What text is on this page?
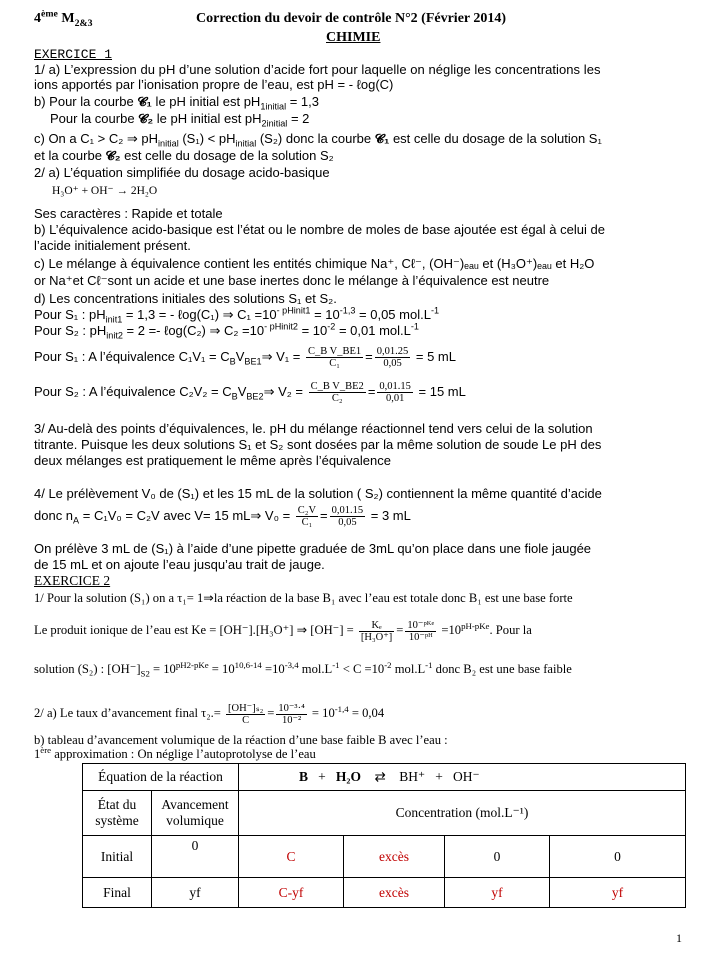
4ème $M_{2\&3}$	Correction du devoir de contrôle N°2 (Février 2014)
CHIMIE
EXERCICE 1
1/ a) L’expression du pH d’une solution d’acide fort pour laquelle on néglige les concentrations les
ions apportés par l’ionisation propre de l’eau, est pH = - ℓog(C)
b) Pour la courbe 𝓒₁ le pH initial est $pH_{1initial} = 1,3$
Pour la courbe 𝓒₂ le pH initial est $pH_{2initial} = 2$
c) On a C₁ > C₂ ⇒ $pH_{initial}$ $(S_1) < pH_{initial}$ (S₂) donc la courbe 𝓒₁ est celle du dosage de la solution S₁
et la courbe 𝓒₂ est celle du dosage de la solution S₂
2/ a) L’équation simplifiée du dosage acido-basique
H₃O⁺ + OH⁻ → 2H₂O
Ses caractères : Rapide et totale
b) L’équivalence acido-basique est l’état ou le nombre de moles de base ajoutée est égal à celui de
l’acide initialement présent.
c) Le mélange à équivalence contient les entités chimique Na⁺, Cℓ⁻, (OH⁻)ₑₐᵤ et (H₃O⁺)ₑₐᵤ et H₂O
or Na⁺et Cℓ⁻sont un acide et une base inertes donc le mélange à l’équivalence est neutre
d) Les concentrations initiales des solutions S₁ et S₂.
Pour S₁ : $pH_{init1} = 1,3$ = - ℓog(C₁) ⇒ $C_1 =10^{- pHinit1} = 10^{-1,3} = 0,05$ $mol.L^{-1}$
Pour S₂ : $pH_{init2} = 2$ =- ℓog(C₂) ⇒ $C_2 =10^{- pHinit2} = 10^{-2} = 0,01$ $mol.L^{-1}$
Pour S₁ : A l’équivalence $C_1V_1 = C_BV_{BE1}\Rightarrow$ $V_1 = \frac{\text{C\_B V\_BE1}}{\text{C₁}} = \frac{0,01.25}{0,05} = 5$ mL
Pour S₂ : A l’équivalence $C_2V_2 = C_BV_{BE2}\Rightarrow$ $V_2 = \frac{\text{C\_B V\_BE2}}{\text{C₂}} = \frac{0,01.15}{0,01} = 15$ mL
3/ Au-delà des points d’équivalences, le. pH du mélange réactionnel tend vers celui de la solution
titrante. Puisque les deux solutions S₁ et S₂ sont dosées par la même solution de soude Le pH des
deux mélanges est pratiquement le même après l’équivalence
4/ Le prélèvement V₀ de (S₁) et les 15 mL de la solution ( S₂) contiennent la même quantité d’acide
donc $n_A = C_1V_0 = C_2V$ avec V= 15 mL⇒ $V_0 = \frac{\text{C₂V}}{\text{C₁}} = \frac{0,01.15}{0,05} = 3$ mL
On prélève 3 mL de (S₁) à l’aide d’une pipette graduée de 3mL qu’on place dans une fiole jaugée
de 15 mL et on ajoute l’eau jusqu’au trait de jauge.
EXERCICE 2
1/ Pour la solution (S₁) on a τ₁= 1⇒la réaction de la base B₁ avec l’eau est totale donc B₁ est une base forte
Le produit ionique de l’eau est Ke = [OH⁻].[H₃O⁺] ⇒ $[OH^-] = \frac{\text{Kₑ}}{\text{[H₃O⁺]}}$ = 10⁻ᵖᴷᵉ
10⁻ᵖᴴ
$=10^{pH-pKe}$. Pour la
solution (S₂) : $[OH^-]_{S2} = 10^{pH2-pKe} = 10^{10,6-14} =10^{-3,4}$ $mol.L^{-1} < C =10^{-2}$ $mol.L^{-1}$ donc B₂ est une base faible
2/ a) Le taux d’avancement final $\tau_2.= \frac{\text{[OH⁻]ₛ₂}}{C} = \frac{\text{10⁻³·⁴}}{\text{10⁻²}} = 10^{-1,4} = 0,04$
b) tableau d’avancement volumique de la réaction d’une base faible B avec l’eau :
1ère approximation : On néglige l’autoprotolyse de l’eau
Équation de la réaction		B + H₂O ⇄ BH⁺ + OH⁻			
État du système	Avancement volumique	Concentration (mol.L⁻¹)			
Initial	0	C	excès	0	0
Final	yf	C-yf	excès	yf	yf
1
